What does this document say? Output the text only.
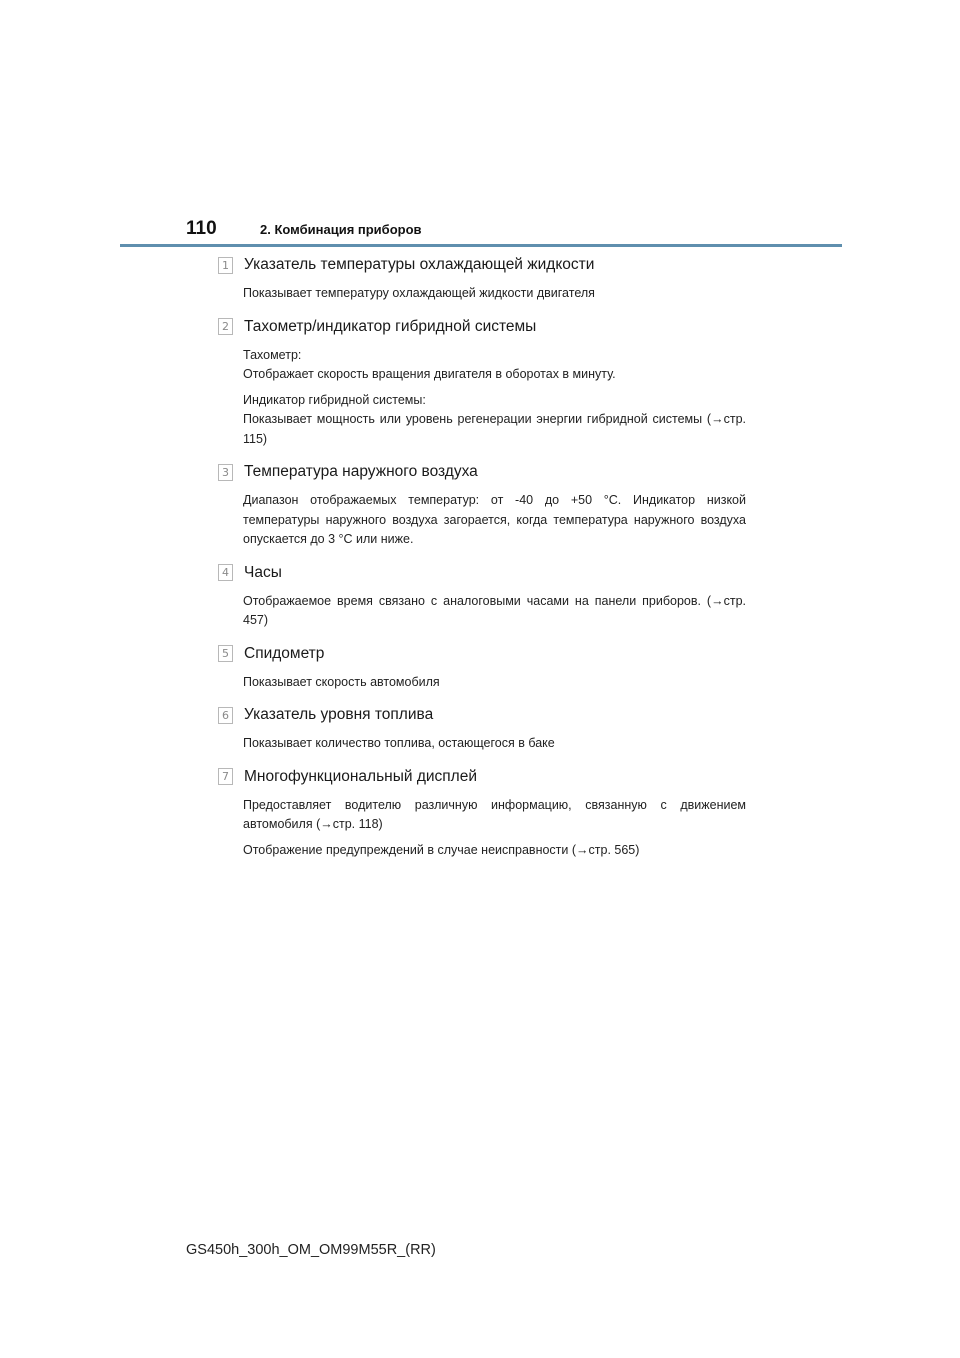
110	2. Комбинация приборов
1 Указатель температуры охлаждающей жидкости

Показывает температуру охлаждающей жидкости двигателя

2 Тахометр/индикатор гибридной системы

Тахометр:
Отображает скорость вращения двигателя в оборотах в минуту.

Индикатор гибридной системы:
Показывает мощность или уровень регенерации энергии гибридной системы (→стр. 115)

3 Температура наружного воздуха

Диапазон отображаемых температур: от -40 до +50 °C. Индикатор низкой температуры наружного воздуха загорается, когда температура наружного воздуха опускается до 3 °C или ниже.

4 Часы

Отображаемое время связано с аналоговыми часами на панели приборов. (→стр. 457)

5 Спидометр

Показывает скорость автомобиля

6 Указатель уровня топлива

Показывает количество топлива, остающегося в баке

7 Многофункциональный дисплей

Предоставляет водителю различную информацию, связанную с движением автомобиля (→стр. 118)

Отображение предупреждений в случае неисправности (→стр. 565)

GS450h_300h_OM_OM99M55R_(RR)
